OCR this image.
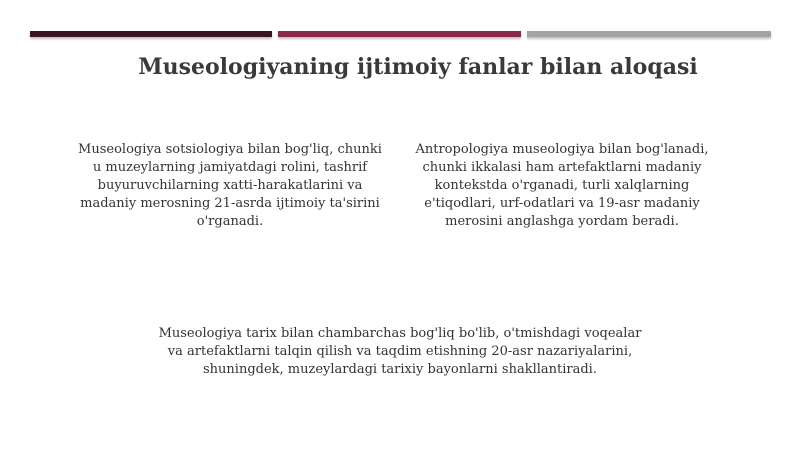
Museologiyaning ijtimoiy fanlar bilan aloqasi
Museologiya sotsiologiya bilan bog'liq, chunki u muzeylarning jamiyatdagi rolini, tashrif buyuruvchilarning xatti-harakatlarini va madaniy merosning 21-asrda ijtimoiy ta'sirini o'rganadi.
Antropologiya museologiya bilan bog'lanadi, chunki ikkalasi ham artefaktlarni madaniy kontekstda o'rganadi, turli xalqlarning e'tiqodlari, urf-odatlari va 19-asr madaniy merosini anglashga yordam beradi.
Museologiya tarix bilan chambarchas bog'liq bo'lib, o'tmishdagi voqealar va artefaktlarni talqin qilish va taqdim etishning 20-asr nazariyalarini, shuningdek, muzeylardagi tarixiy bayonlarni shakllantiradi.
